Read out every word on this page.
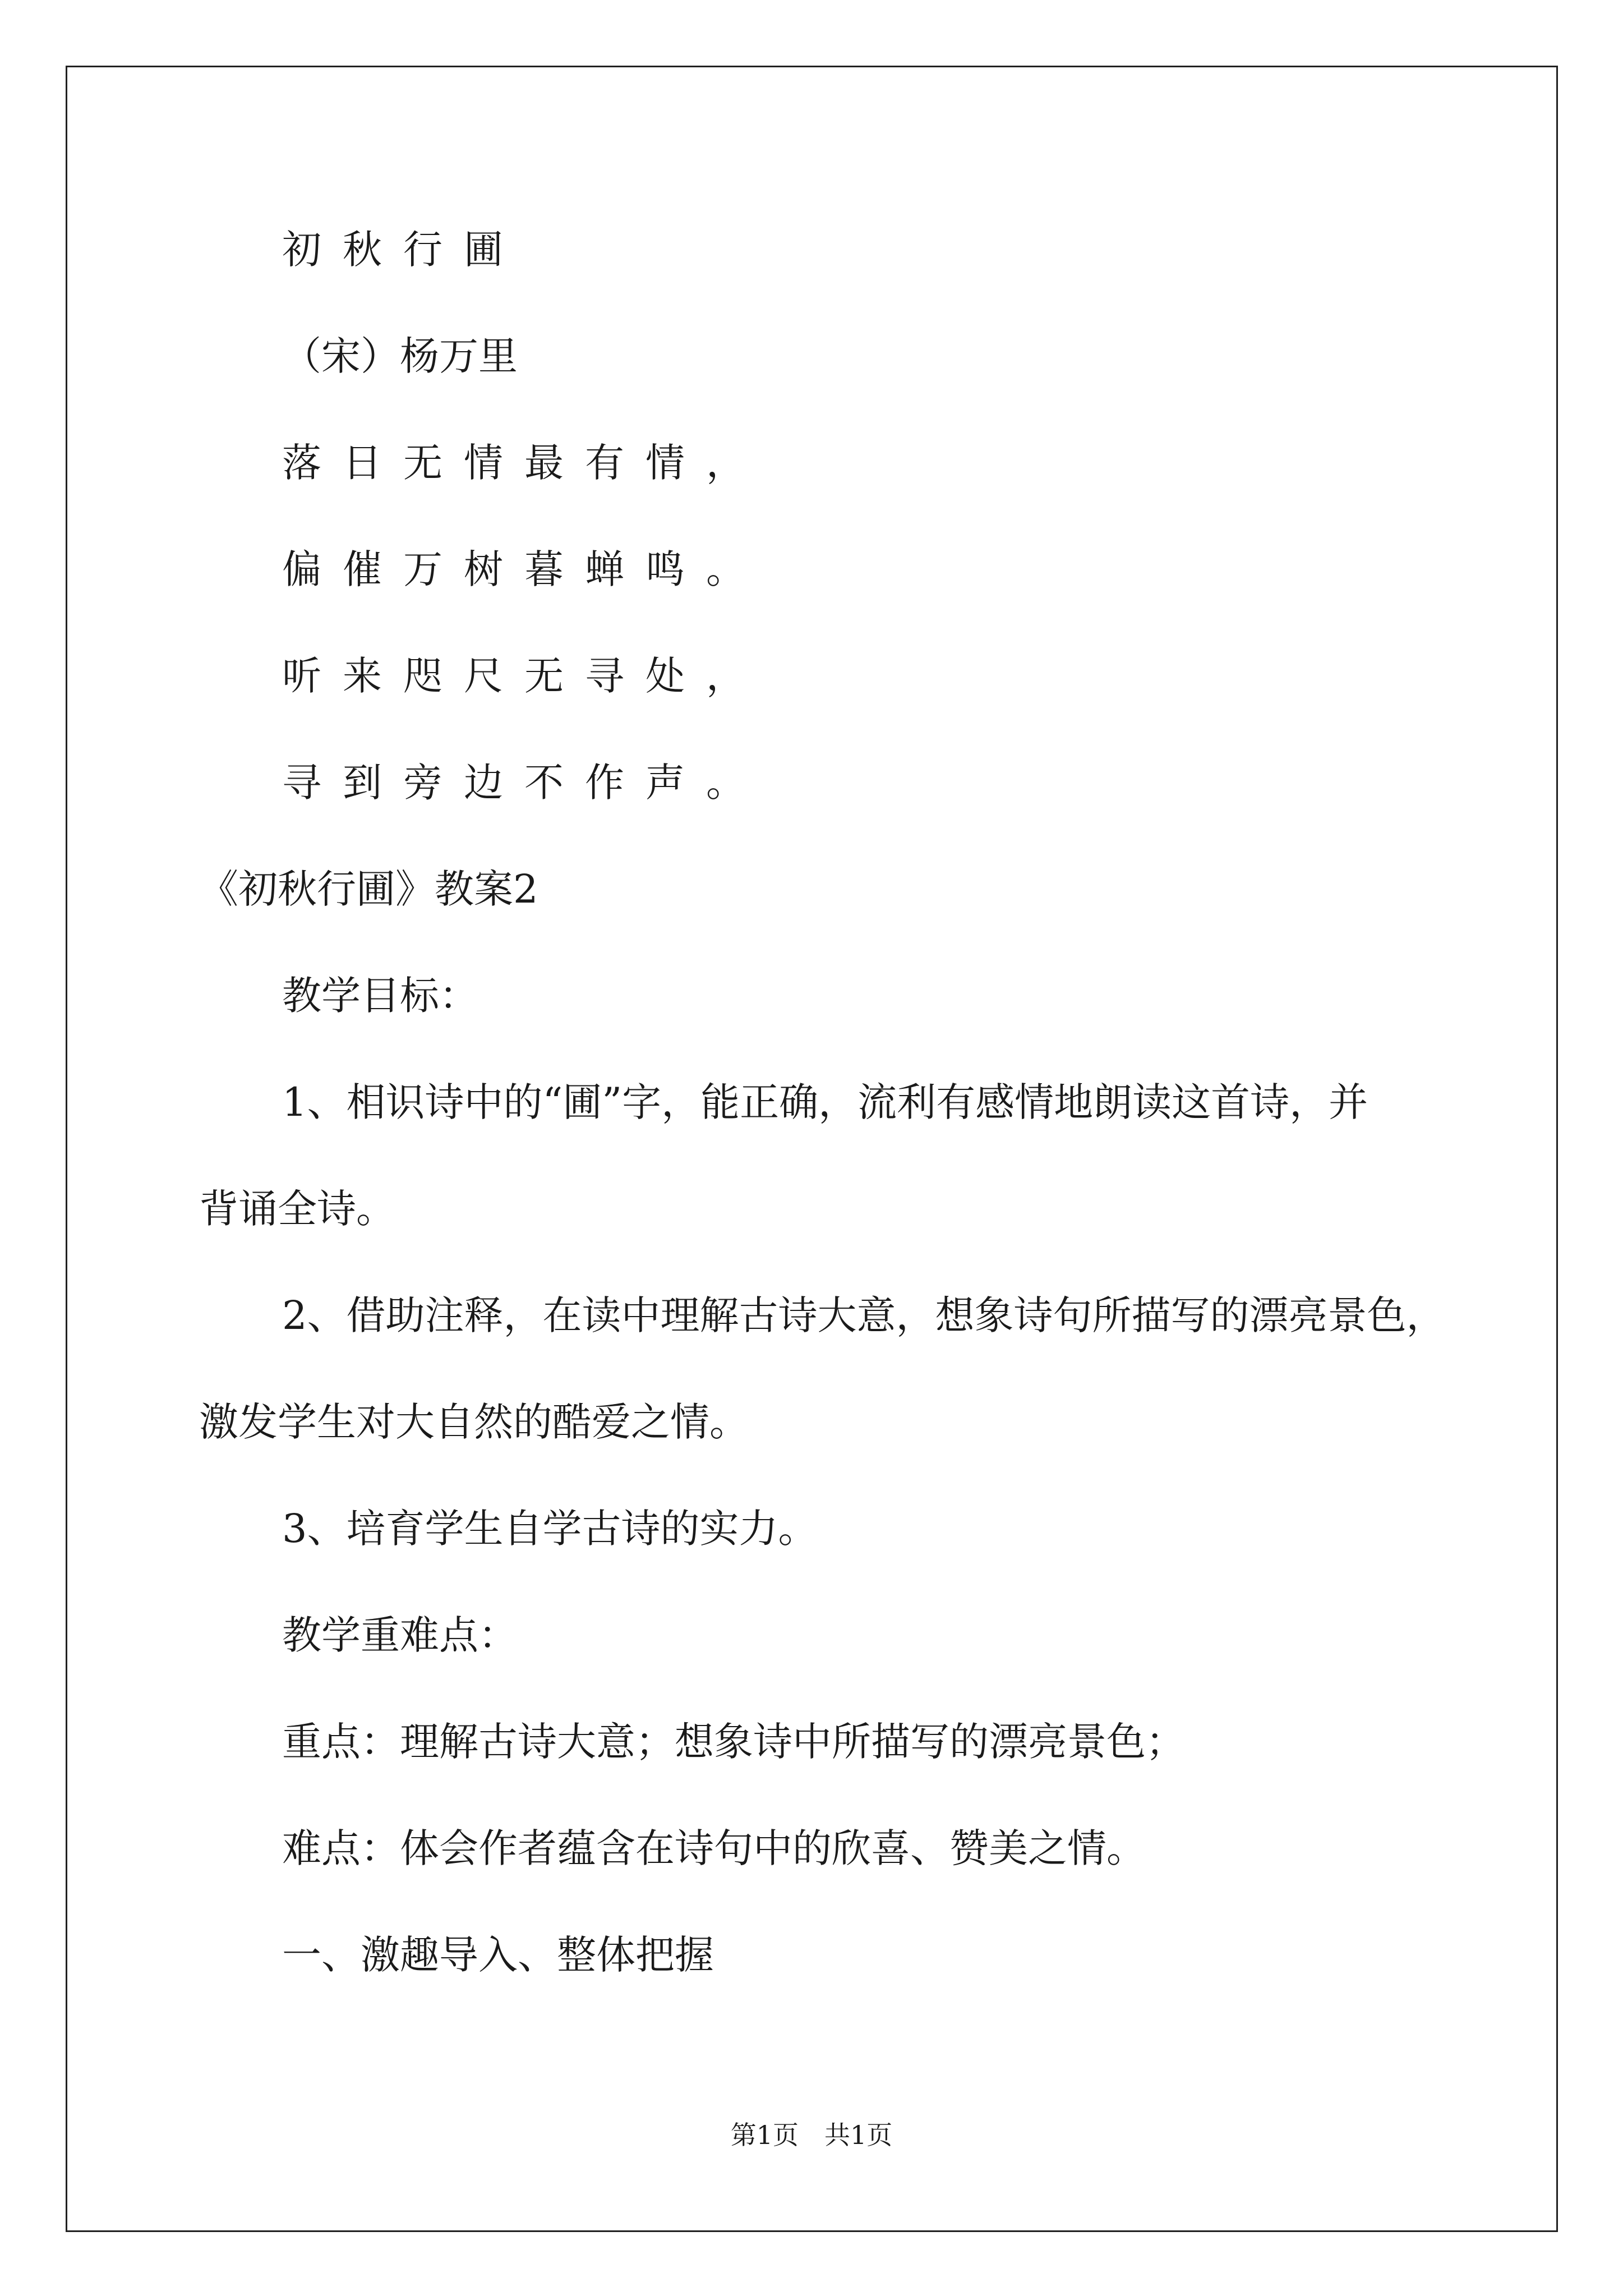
初秋行圃
（宋）杨万里
落日无情最有情，
偏催万树暮蝉鸣。
听来咫尺无寻处，
寻到旁边不作声。
《初秋行圃》教案2
教学目标：
1、相识诗中的“圃”字，能正确，流利有感情地朗读这首诗，并
背诵全诗。
2、借助注释，在读中理解古诗大意，想象诗句所描写的漂亮景色，
激发学生对大自然的酷爱之情。
3、培育学生自学古诗的实力。
教学重难点：
重点：理解古诗大意；想象诗中所描写的漂亮景色；
难点：体会作者蕴含在诗句中的欣喜、赞美之情。
一、激趣导入、整体把握
第1页　共1页
